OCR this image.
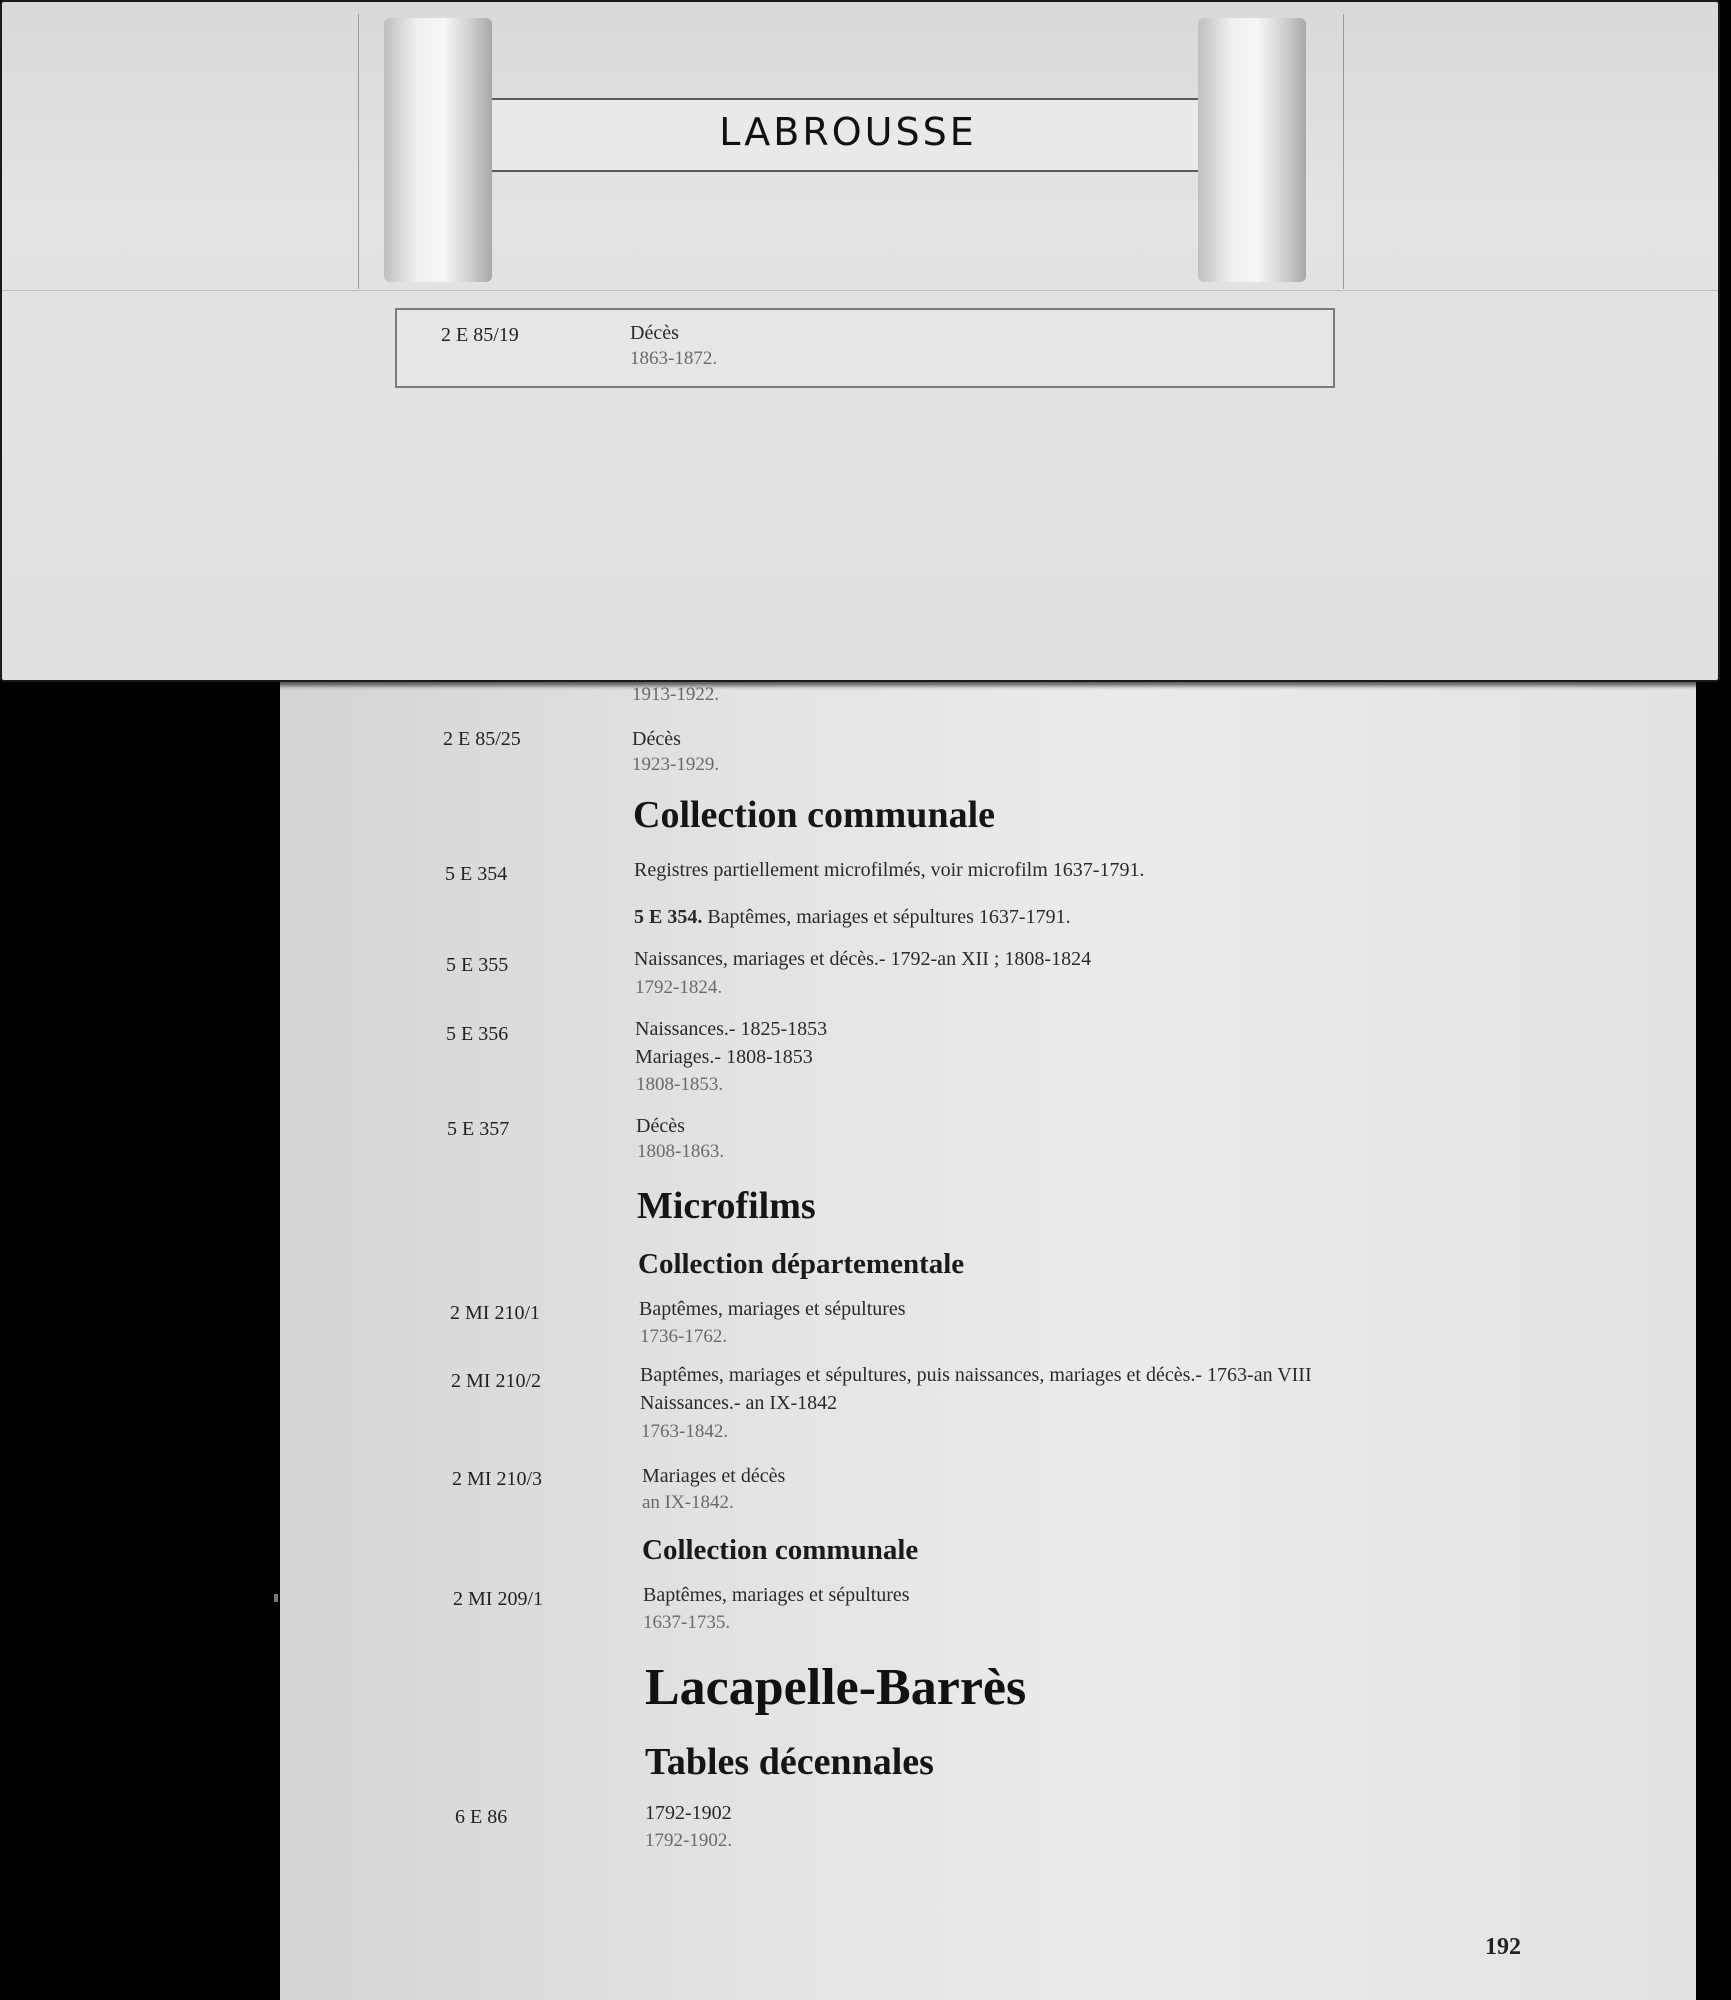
1913-1922.
2 E 85/25	Décès
1923-1929.
Collection communale
5 E 354	Registres partiellement microfilmés, voir microfilm 1637-1791.
5 E 354. Baptêmes, mariages et sépultures 1637-1791.
5 E 355	Naissances, mariages et décès.- 1792-an XII ; 1808-1824
1792-1824.
5 E 356	Naissances.- 1825-1853
Mariages.- 1808-1853
1808-1853.
5 E 357	Décès
1808-1863.
Microfilms
Collection départementale
2 MI 210/1	Baptêmes, mariages et sépultures
1736-1762.
2 MI 210/2	Baptêmes, mariages et sépultures, puis naissances, mariages et décès.- 1763-an VIII
Naissances.- an IX-1842
1763-1842.
2 MI 210/3	Mariages et décès
an IX-1842.
Collection communale
2 MI 209/1	Baptêmes, mariages et sépultures
1637-1735.
Lacapelle-Barrès
Tables décennales
6 E 86	1792-1902
1792-1902.
192
LABROUSSE
2 E 85/19	Décès
1863-1872.
